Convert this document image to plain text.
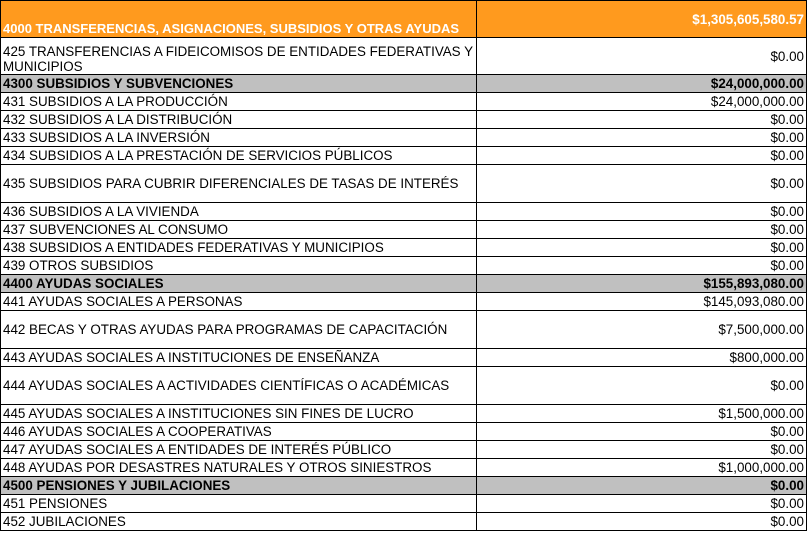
4000 TRANSFERENCIAS, ASIGNACIONES, SUBSIDIOS Y OTRAS AYUDAS	$1,305,605,580.57
425 TRANSFERENCIAS A FIDEICOMISOS DE ENTIDADES FEDERATIVAS Y MUNICIPIOS	$0.00
4300 SUBSIDIOS Y SUBVENCIONES	$24,000,000.00
431 SUBSIDIOS A LA PRODUCCIÓN	$24,000,000.00
432 SUBSIDIOS A LA DISTRIBUCIÓN	$0.00
433 SUBSIDIOS A LA INVERSIÓN	$0.00
434 SUBSIDIOS A LA PRESTACIÓN DE SERVICIOS PÚBLICOS	$0.00
435 SUBSIDIOS PARA CUBRIR DIFERENCIALES DE TASAS DE INTERÉS	$0.00
436 SUBSIDIOS A LA VIVIENDA	$0.00
437 SUBVENCIONES AL CONSUMO	$0.00
438 SUBSIDIOS A ENTIDADES FEDERATIVAS Y MUNICIPIOS	$0.00
439 OTROS SUBSIDIOS	$0.00
4400 AYUDAS SOCIALES	$155,893,080.00
441 AYUDAS SOCIALES A PERSONAS	$145,093,080.00
442 BECAS Y OTRAS AYUDAS PARA PROGRAMAS DE CAPACITACIÓN	$7,500,000.00
443 AYUDAS SOCIALES A INSTITUCIONES DE ENSEÑANZA	$800,000.00
444 AYUDAS SOCIALES A ACTIVIDADES CIENTÍFICAS O ACADÉMICAS	$0.00
445 AYUDAS SOCIALES A INSTITUCIONES SIN FINES DE LUCRO	$1,500,000.00
446 AYUDAS SOCIALES A COOPERATIVAS	$0.00
447 AYUDAS SOCIALES A ENTIDADES DE INTERÉS PÚBLICO	$0.00
448 AYUDAS POR DESASTRES NATURALES Y OTROS SINIESTROS	$1,000,000.00
4500 PENSIONES Y JUBILACIONES	$0.00
451 PENSIONES	$0.00
452 JUBILACIONES	$0.00
